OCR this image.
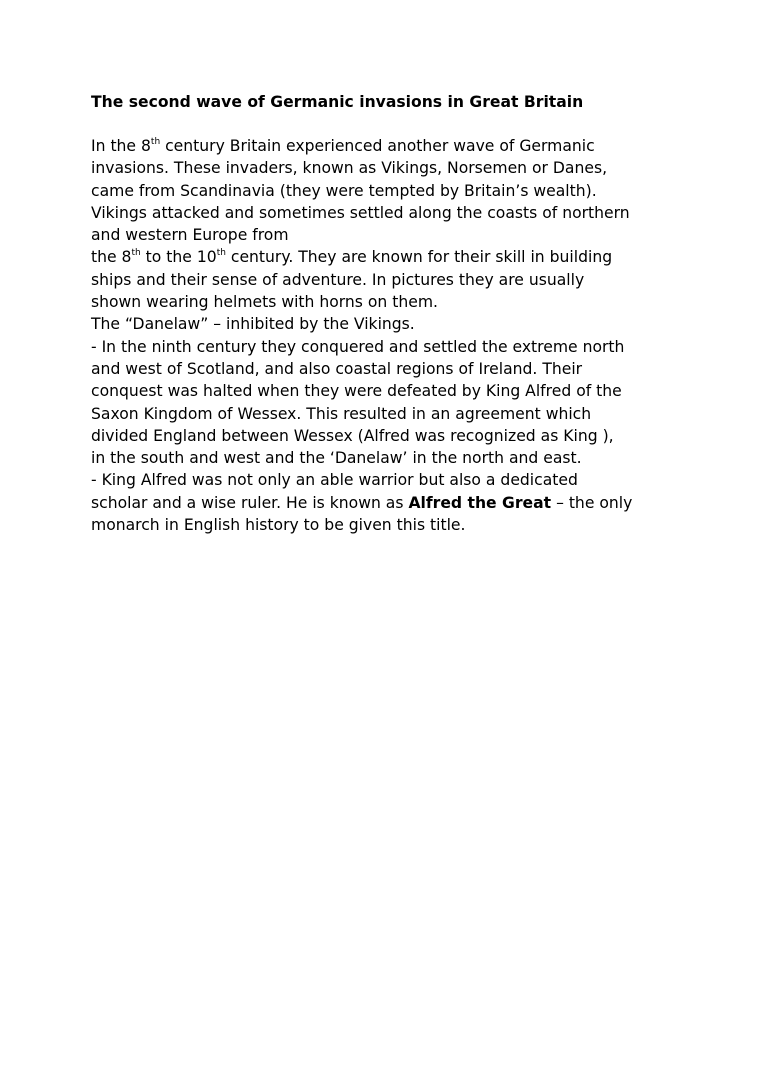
The second wave of Germanic invasions in Great Britain
In the 8th century Britain experienced another wave of Germanic
invasions. These invaders, known as Vikings, Norsemen or Danes,
came from Scandinavia (they were tempted by Britain’s wealth).
Vikings attacked and sometimes settled along the coasts of northern
and western Europe from
the 8th to the 10th century. They are known for their skill in building
ships and their sense of adventure. In pictures they are usually
shown wearing helmets with horns on them.
The “Danelaw” – inhibited by the Vikings.
- In the ninth century they conquered and settled the extreme north
and west of Scotland, and also coastal regions of Ireland. Their
conquest was halted when they were defeated by King Alfred of the
Saxon Kingdom of Wessex. This resulted in an agreement which
divided England between Wessex (Alfred was recognized as King ),
in the south and west and the ‘Danelaw’ in the north and east.
- King Alfred was not only an able warrior but also a dedicated
scholar and a wise ruler. He is known as Alfred the Great – the only
monarch in English history to be given this title.
